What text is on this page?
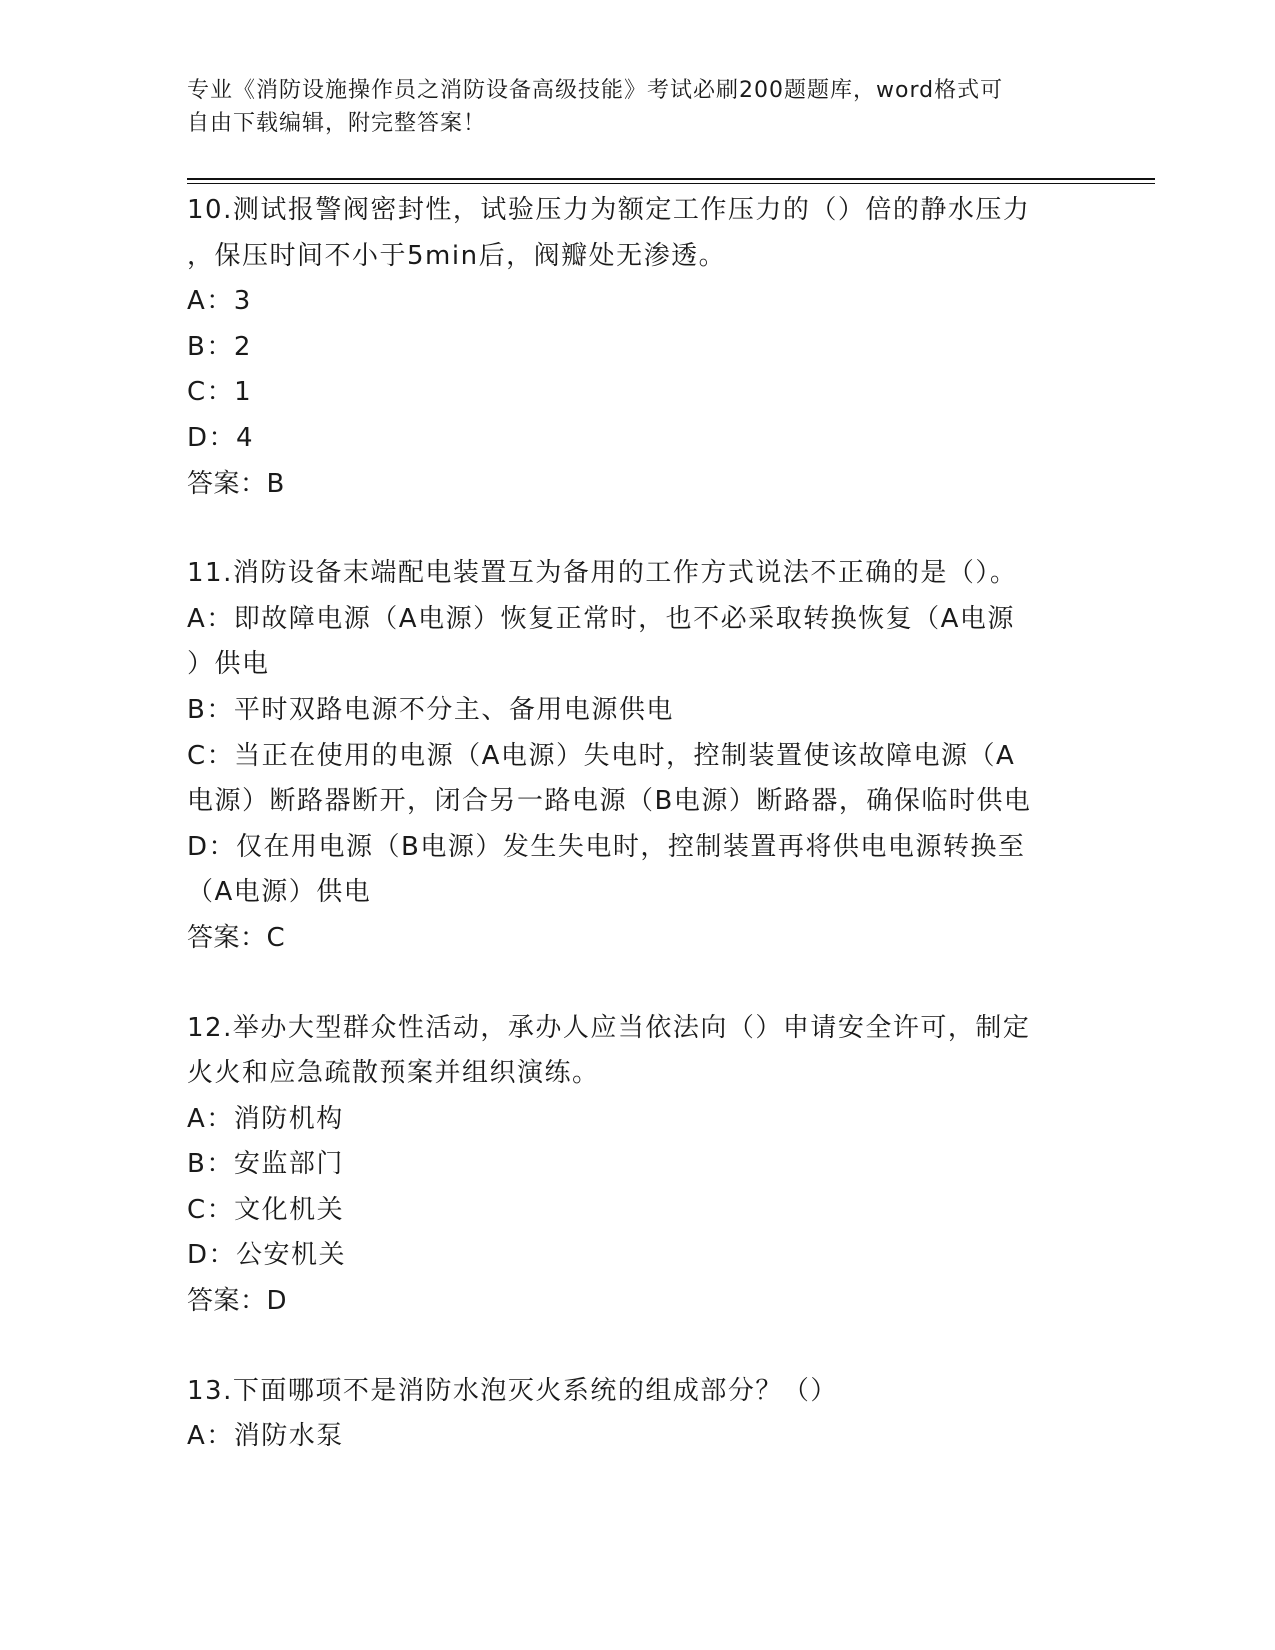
专业《消防设施操作员之消防设备高级技能》考试必刷200题题库，word格式可
自由下载编辑，附完整答案！
10.测试报警阀密封性，试验压力为额定工作压力的（）倍的静水压力
，保压时间不小于5min后，阀瓣处无渗透。
A：3
B：2
C：1
D：4
答案：B
11.消防设备末端配电装置互为备用的工作方式说法不正确的是（）。
A：即故障电源（A电源）恢复正常时，也不必采取转换恢复（A电源
）供电
B：平时双路电源不分主、备用电源供电
C：当正在使用的电源（A电源）失电时，控制装置使该故障电源（A
电源）断路器断开，闭合另一路电源（B电源）断路器，确保临时供电
D：仅在用电源（B电源）发生失电时，控制装置再将供电电源转换至
（A电源）供电
答案：C
12.举办大型群众性活动，承办人应当依法向（）申请安全许可，制定
火火和应急疏散预案并组织演练。
A：消防机构
B：安监部门
C：文化机关
D：公安机关
答案：D
13.下面哪项不是消防水泡灭火系统的组成部分？（）
A：消防水泵
